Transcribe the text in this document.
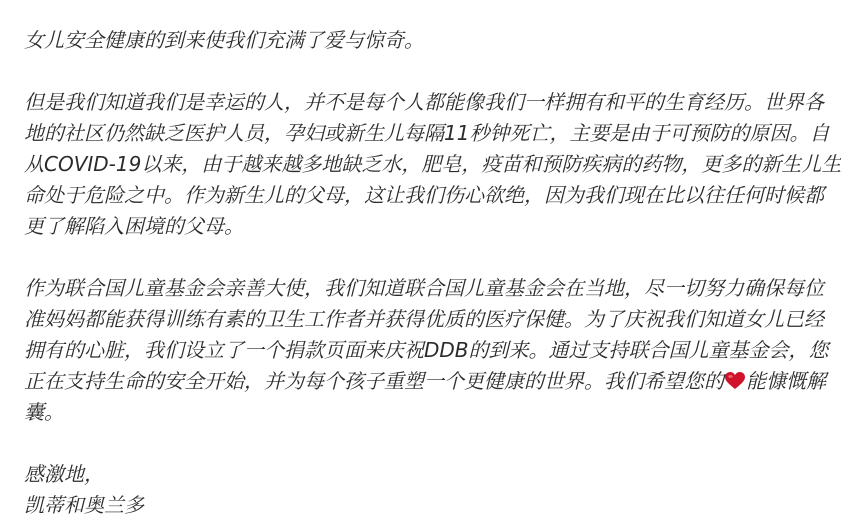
女儿安全健康的到来使我们充满了爱与惊奇。

但是我们知道我们是幸运的人，并不是每个人都能像我们一样拥有和平的生育经历。世界各
地的社区仍然缺乏医护人员，孕妇或新生儿每隔11秒钟死亡，主要是由于可预防的原因。自
从COVID-19以来，由于越来越多地缺乏水，肥皂，疫苗和预防疾病的药物，更多的新生儿生
命处于危险之中。作为新生儿的父母，这让我们伤心欲绝，因为我们现在比以往任何时候都
更了解陷入困境的父母。

作为联合国儿童基金会亲善大使，我们知道联合国儿童基金会在当地，尽一切努力确保每位
准妈妈都能获得训练有素的卫生工作者并获得优质的医疗保健。为了庆祝我们知道女儿已经
拥有的心脏，我们设立了一个捐款页面来庆祝DDB的到来。通过支持联合国儿童基金会，您
正在支持生命的安全开始，并为每个孩子重塑一个更健康的世界。我们希望您的 能慷慨解
囊。

感激地，
凯蒂和奥兰多
